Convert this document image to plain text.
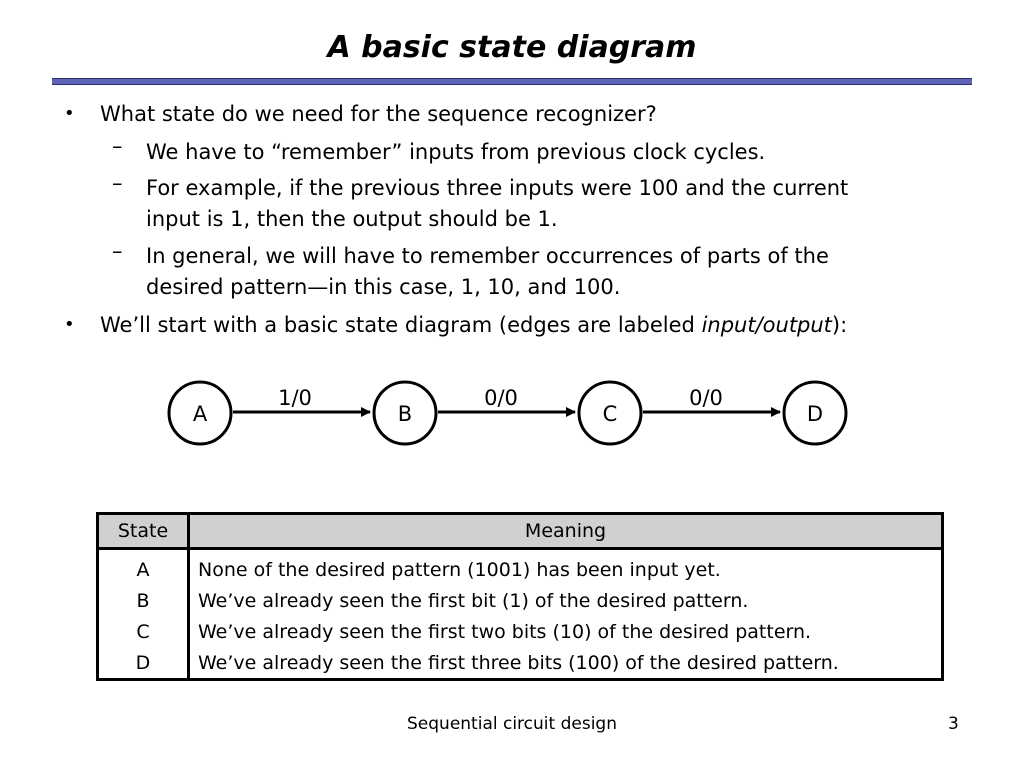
A basic state diagram
• What state do we need for the sequence recognizer?
– We have to “remember” inputs from previous clock cycles.
– For example, if the previous three inputs were 100 and the current
input is 1, then the output should be 1.
– In general, we will have to remember occurrences of parts of the
desired pattern—in this case, 1, 10, and 100.
• We’ll start with a basic state diagram (edges are labeled input/output):
1/0	0/0	0/0
A	B	C	D
State	Meaning
A	None of the desired pattern (1001) has been input yet.
B	We’ve already seen the first bit (1) of the desired pattern.
C	We’ve already seen the first two bits (10) of the desired pattern.
D	We’ve already seen the first three bits (100) of the desired pattern.
Sequential circuit design	3
